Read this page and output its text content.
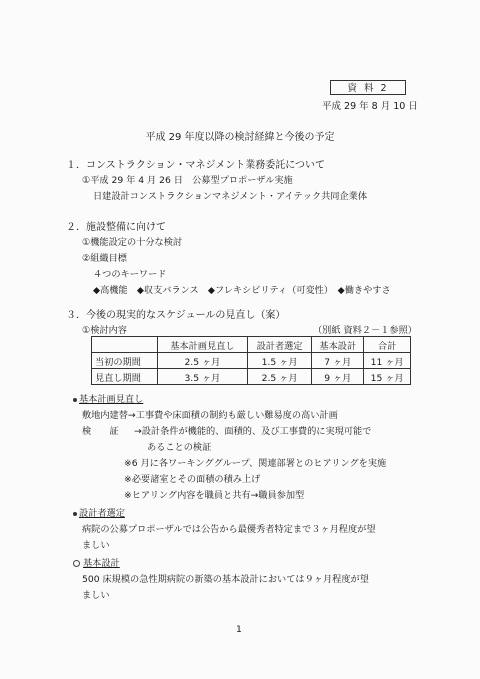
資 料 2
平成 29 年 8 月 10 日
平成 29 年度以降の検討経緯と今後の予定
１．コンストラクション・マネジメント業務委託について
①平成 29 年 4 月 26 日　公募型プロポーザル実施
日建設計コンストラクションマネジメント・アイテック共同企業体
２．施設整備に向けて
①機能設定の十分な検討
②組織目標
４つのキーワード
◆高機能　◆収支バランス　◆フレキシビリティ（可変性）　◆働きやすさ
３．今後の現実的なスケジュールの見直し（案）
①検討内容	（別紙 資料２－１参照）
	基本計画見直し	設計者選定	基本設計	合計
当初の期間	2.5 ヶ月	1.5 ヶ月	7 ヶ月	11 ヶ月
見直し期間	3.5 ヶ月	2.5 ヶ月	9 ヶ月	15 ヶ月
基本計画見直し
敷地内建替→工事費や床面積の制約も厳しい難易度の高い計画
検　　証 →設計条件が機能的、面積的、及び工事費的に実現可能で
あることの検証
※6 月に各ワーキンググループ、関連部署とのヒアリングを実施
※必要諸室とその面積の積み上げ
※ヒアリング内容を職員と共有→職員参加型
設計者選定
病院の公募プロポーザルでは公告から最優秀者特定まで３ヶ月程度が望
ましい
基本設計
500 床規模の急性期病院の新築の基本設計においては９ヶ月程度が望
ましい
1
